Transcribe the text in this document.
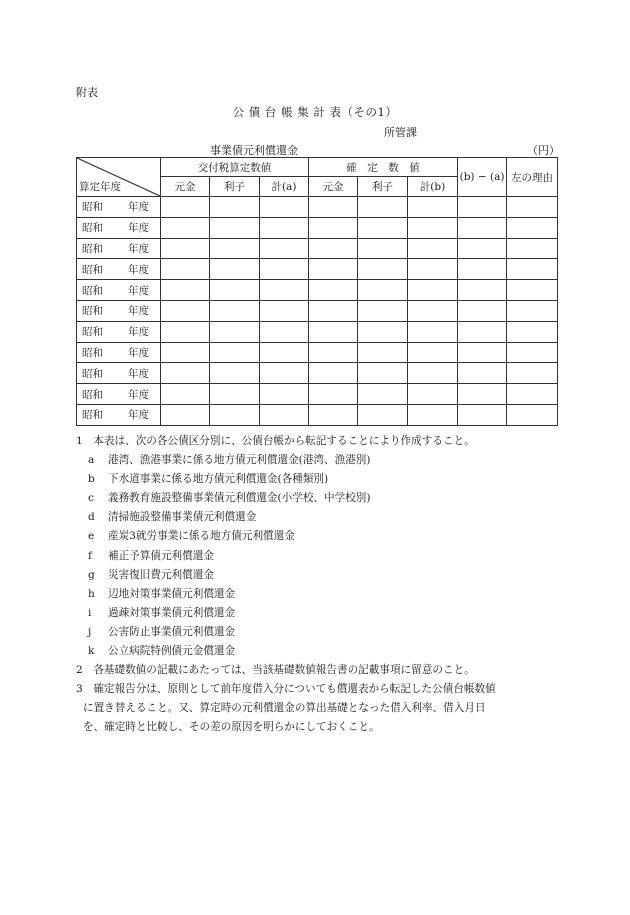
附表
公 債 台 帳 集 計 表（その1）
所管課
事業債元利償還金	（円）
算定年度	交付税算定数値			確　定　数　値			(b) − (a)	左の理由
	元金	利子	計(a)	元金	利子	計(b)		
昭和 年度								
昭和 年度								
昭和 年度								
昭和 年度								
昭和 年度								
昭和 年度								
昭和 年度								
昭和 年度								
昭和 年度								
昭和 年度								
昭和 年度								
1　本表は、次の各公債区分別に、公債台帳から転記することにより作成すること。
a 港湾、漁港事業に係る地方債元利償還金(港湾、漁港別)
b 下水道事業に係る地方債元利償還金(各種類別)
c 義務教育施設整備事業債元利償還金(小学校、中学校別)
d 清掃施設整備事業債元利償還金
e 産炭3就労事業に係る地方債元利償還金
f 補正予算債元利償還金
g 災害復旧費元利償還金
h 辺地対策事業債元利償還金
i 過疎対策事業債元利償還金
j 公害防止事業債元利償還金
k 公立病院特例債元金償還金
2　各基礎数値の記載にあたっては、当該基礎数値報告書の記載事項に留意のこと。
3　確定報告分は、原則として前年度借入分についても償還表から転記した公債台帳数値
に置き替えること。又、算定時の元利償還金の算出基礎となった借入利率、借入月日
を、確定時と比較し、その差の原因を明らかにしておくこと。
